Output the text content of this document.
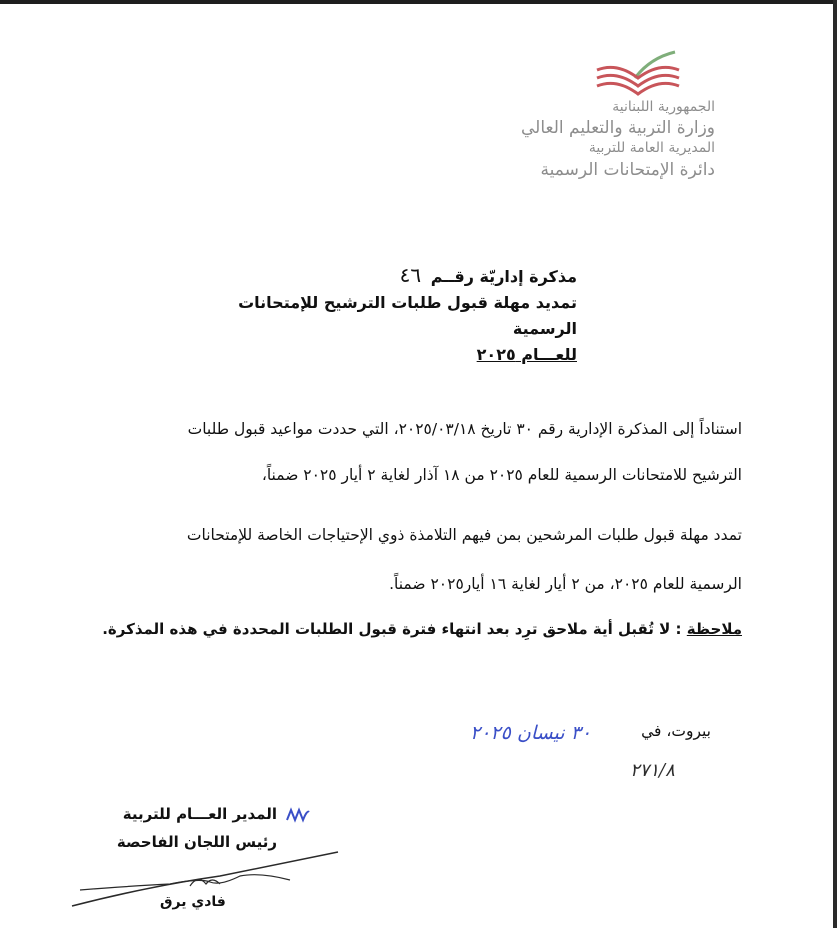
الجمهورية اللبنانية
وزارة التربية والتعليم العالي
المديرية العامة للتربية
دائرة الإمتحانات الرسمية
مذكرة إداريّة رقــم ٤٦
تمديد مهلة قبول طلبات الترشيح للإمتحانات الرسمية
للعـــام ٢٠٢٥
استناداً إلى المذكرة الإدارية رقم ٣٠ تاريخ ٢٠٢٥/٠٣/١٨، التي حددت مواعيد قبول طلبات
الترشيح للامتحانات الرسمية للعام ٢٠٢٥ من ١٨ آذار لغاية ٢ أيار ٢٠٢٥ ضمناً،
تمدد مهلة قبول طلبات المرشحين بمن فيهم التلامذة ذوي الإحتياجات الخاصة للإمتحانات
الرسمية للعام ٢٠٢٥، من ٢ أيار لغاية ١٦ أيار٢٠٢٥ ضمناً.
ملاحظة : لا تُقبل أية ملاحق ترِد بعد انتهاء فترة قبول الطلبات المحددة في هذه المذكرة.
بيروت، في
٣٠ نيسان ٢٠٢٥
٢٧١/٨
المدير العـــام للتربية
رئيس اللجان الفاحصة
فادي يرق
